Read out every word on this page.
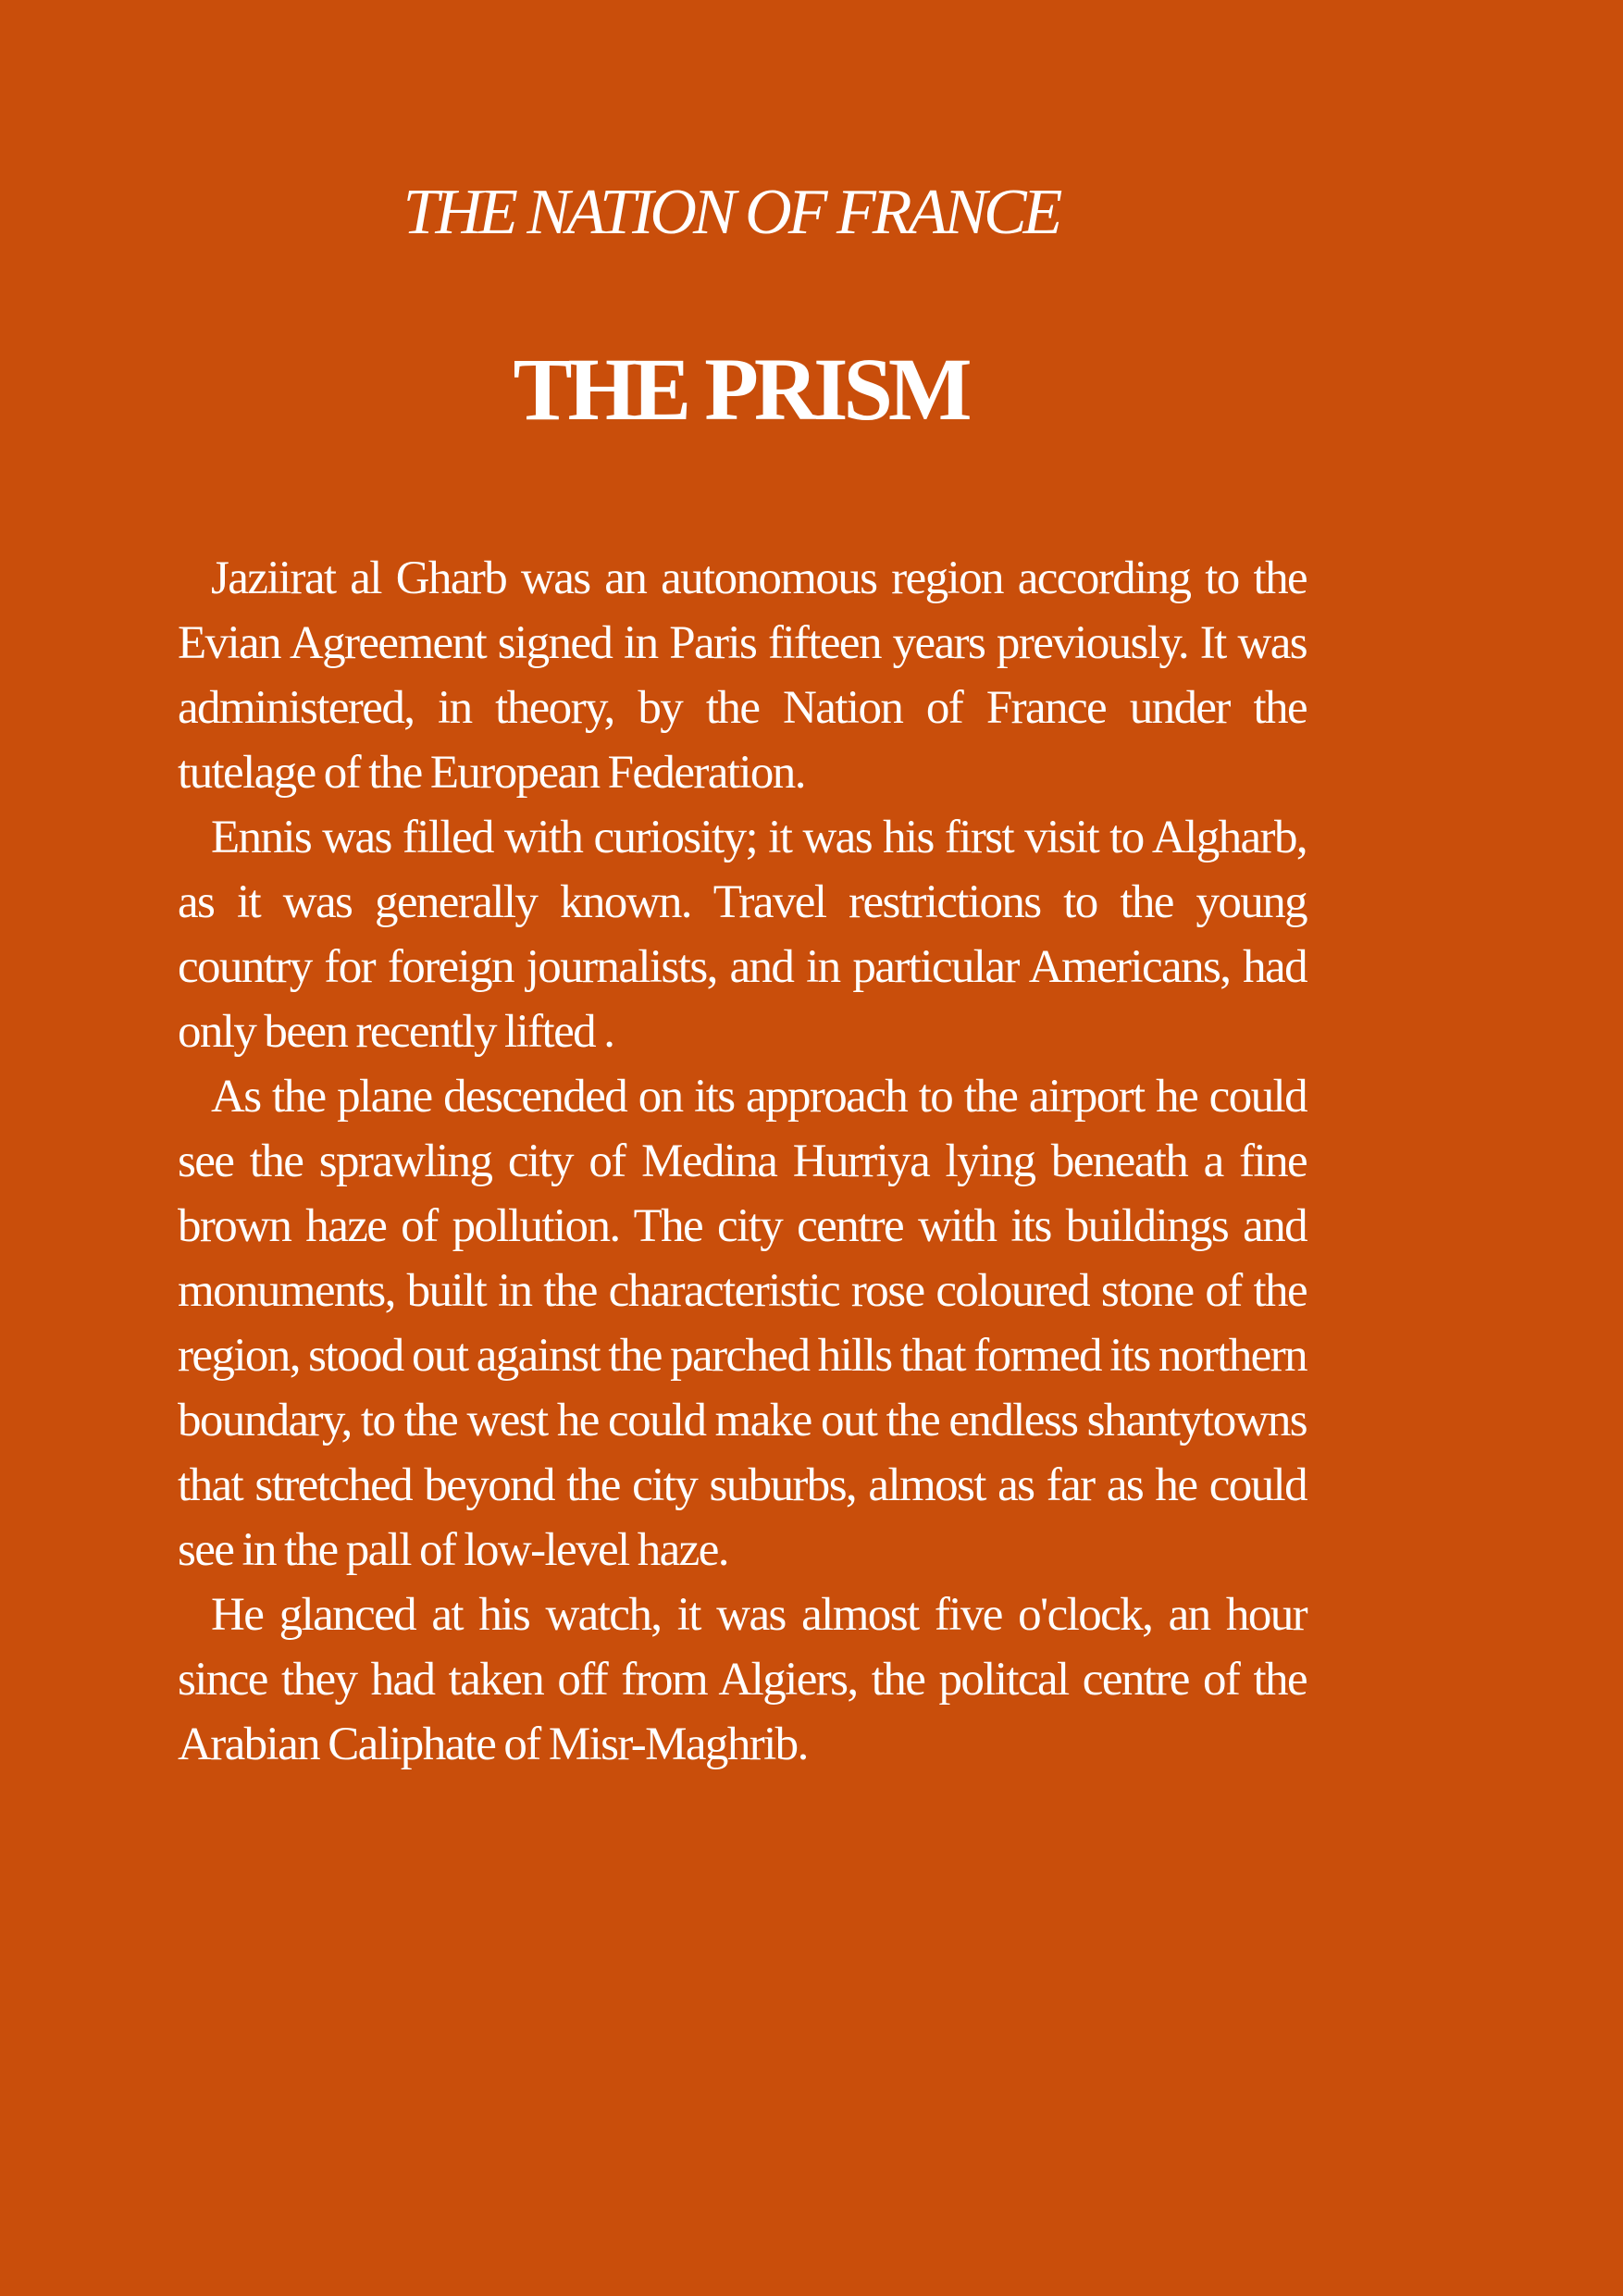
THE NATION OF FRANCE
THE PRISM

Jaziirat al Gharb was an autonomous region according to the Evian Agreement signed in Paris fifteen years previously. It was administered, in theory, by the Nation of France under the tutelage of the European Federation.

Ennis was filled with curiosity; it was his first visit to Algharb, as it was generally known. Travel restrictions to the young country for foreign journalists, and in particular Americans, had only been recently lifted .

As the plane descended on its approach to the airport he could see the sprawling city of Medina Hurriya lying beneath a fine brown haze of pollution. The city centre with its buildings and monuments, built in the characteristic rose coloured stone of the region, stood out against the parched hills that formed its northern boundary, to the west he could make out the endless shantytowns that stretched beyond the city suburbs, almost as far as he could see in the pall of low-level haze.

He glanced at his watch, it was almost five o'clock, an hour since they had taken off from Algiers, the politcal centre of the Arabian Caliphate of Misr-Maghrib.
